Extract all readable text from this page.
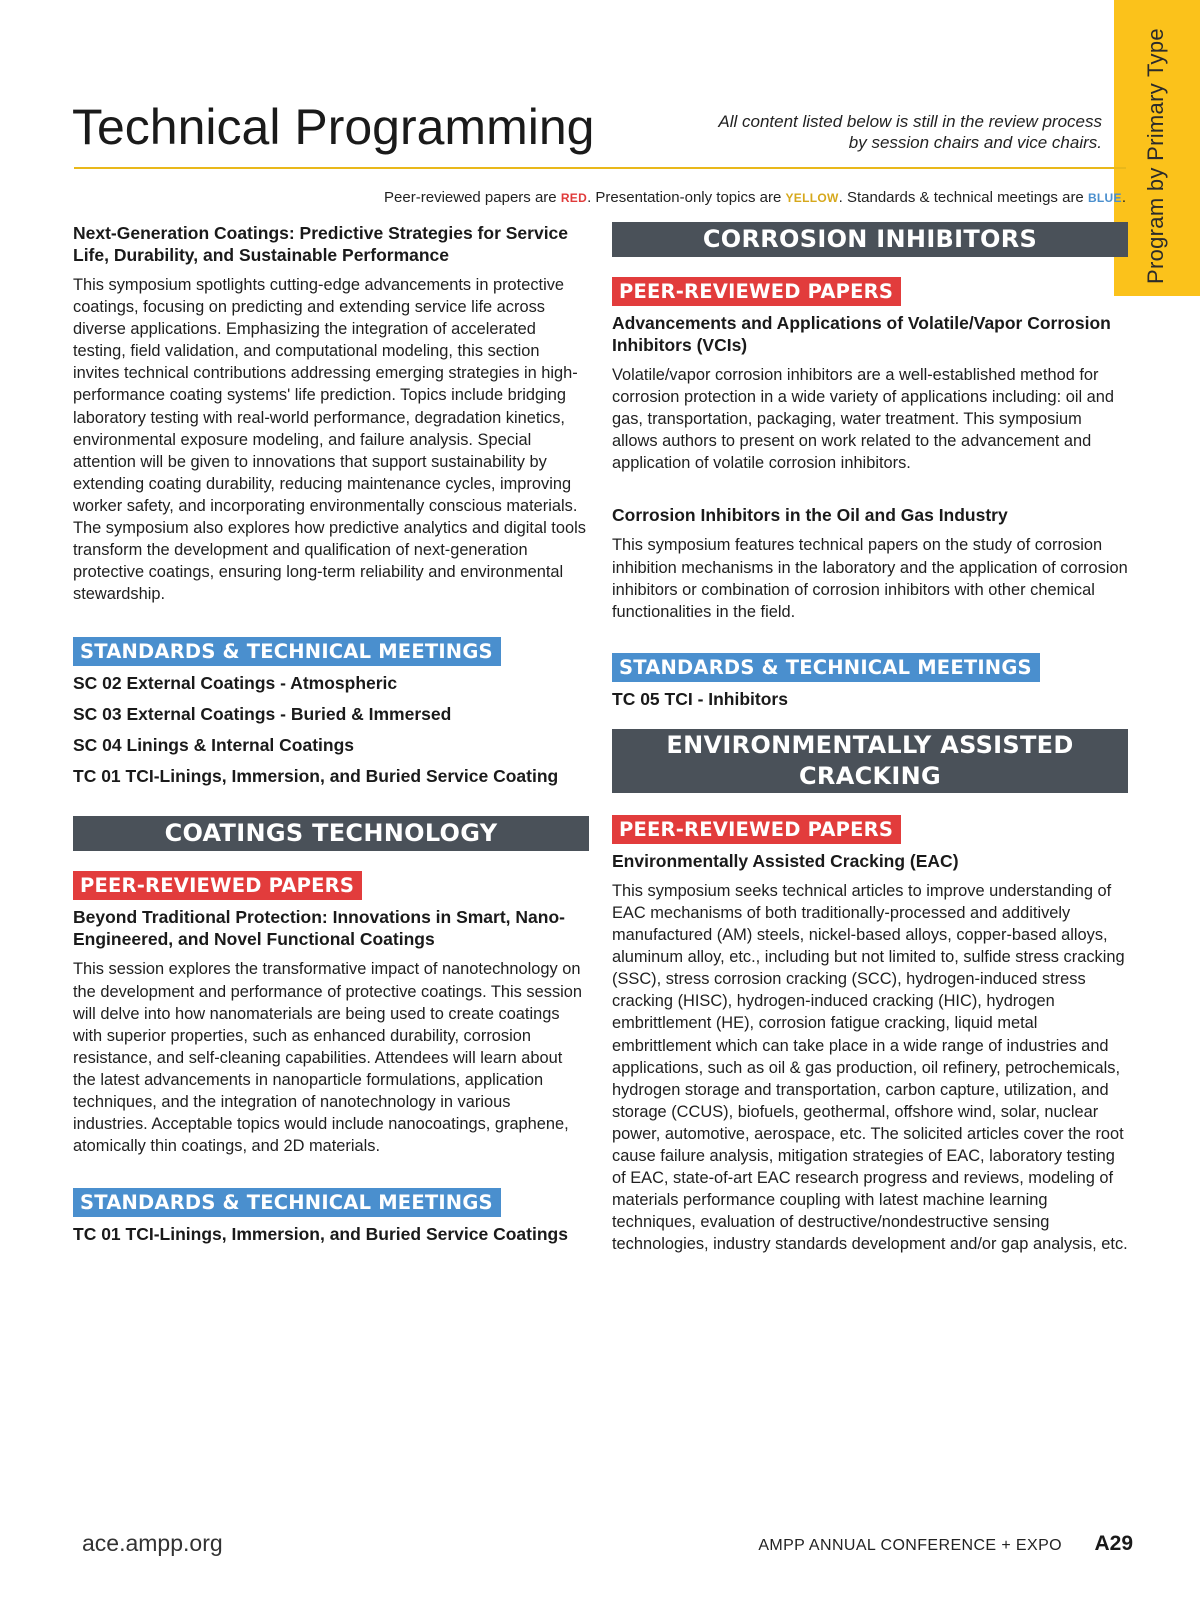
Program by Primary Type
Technical Programming	All content listed below is still in the review process
by session chairs and vice chairs.
Peer-reviewed papers are RED. Presentation-only topics are YELLOW. Standards & technical meetings are BLUE.
Next-Generation Coatings: Predictive Strategies for Service Life, Durability, and Sustainable Performance

This symposium spotlights cutting-edge advancements in protective coatings, focusing on predicting and extending service life across diverse applications. Emphasizing the integration of accelerated testing, field validation, and computational modeling, this section invites technical contributions addressing emerging strategies in high-performance coating systems' life prediction. Topics include bridging laboratory testing with real-world performance, degradation kinetics, environmental exposure modeling, and failure analysis. Special attention will be given to innovations that support sustainability by extending coating durability, reducing maintenance cycles, improving worker safety, and incorporating environmentally conscious materials. The symposium also explores how predictive analytics and digital tools transform the development and qualification of next-generation protective coatings, ensuring long-term reliability and environmental stewardship.

STANDARDS & TECHNICAL MEETINGS
SC 02 External Coatings - Atmospheric
SC 03 External Coatings - Buried & Immersed
SC 04 Linings & Internal Coatings
TC 01 TCI-Linings, Immersion, and Buried Service Coating
COATINGS TECHNOLOGY
PEER-REVIEWED PAPERS
Beyond Traditional Protection: Innovations in Smart, Nano-Engineered, and Novel Functional Coatings

This session explores the transformative impact of nanotechnology on the development and performance of protective coatings. This session will delve into how nanomaterials are being used to create coatings with superior properties, such as enhanced durability, corrosion resistance, and self-cleaning capabilities. Attendees will learn about the latest advancements in nanoparticle formulations, application techniques, and the integration of nanotechnology in various industries. Acceptable topics would include nanocoatings, graphene, atomically thin coatings, and 2D materials.

STANDARDS & TECHNICAL MEETINGS
TC 01 TCI-Linings, Immersion, and Buried Service Coatings
CORROSION INHIBITORS
PEER-REVIEWED PAPERS
Advancements and Applications of Volatile/Vapor Corrosion Inhibitors (VCIs)

Volatile/vapor corrosion inhibitors are a well-established method for corrosion protection in a wide variety of applications including: oil and gas, transportation, packaging, water treatment. This symposium allows authors to present on work related to the advancement and application of volatile corrosion inhibitors.

Corrosion Inhibitors in the Oil and Gas Industry

This symposium features technical papers on the study of corrosion inhibition mechanisms in the laboratory and the application of corrosion inhibitors or combination of corrosion inhibitors with other chemical functionalities in the field.

STANDARDS & TECHNICAL MEETINGS
TC 05 TCI - Inhibitors
ENVIRONMENTALLY ASSISTED CRACKING
PEER-REVIEWED PAPERS
Environmentally Assisted Cracking (EAC)

This symposium seeks technical articles to improve understanding of EAC mechanisms of both traditionally-processed and additively manufactured (AM) steels, nickel-based alloys, copper-based alloys, aluminum alloy, etc., including but not limited to, sulfide stress cracking (SSC), stress corrosion cracking (SCC), hydrogen-induced stress cracking (HISC), hydrogen-induced cracking (HIC), hydrogen embrittlement (HE), corrosion fatigue cracking, liquid metal embrittlement which can take place in a wide range of industries and applications, such as oil & gas production, oil refinery, petrochemicals, hydrogen storage and transportation, carbon capture, utilization, and storage (CCUS), biofuels, geothermal, offshore wind, solar, nuclear power, automotive, aerospace, etc. The solicited articles cover the root cause failure analysis, mitigation strategies of EAC, laboratory testing of EAC, state-of-art EAC research progress and reviews, modeling of materials performance coupling with latest machine learning techniques, evaluation of destructive/nondestructive sensing technologies, industry standards development and/or gap analysis, etc.

ace.ampp.org	AMPP ANNUAL CONFERENCE + EXPO A29
